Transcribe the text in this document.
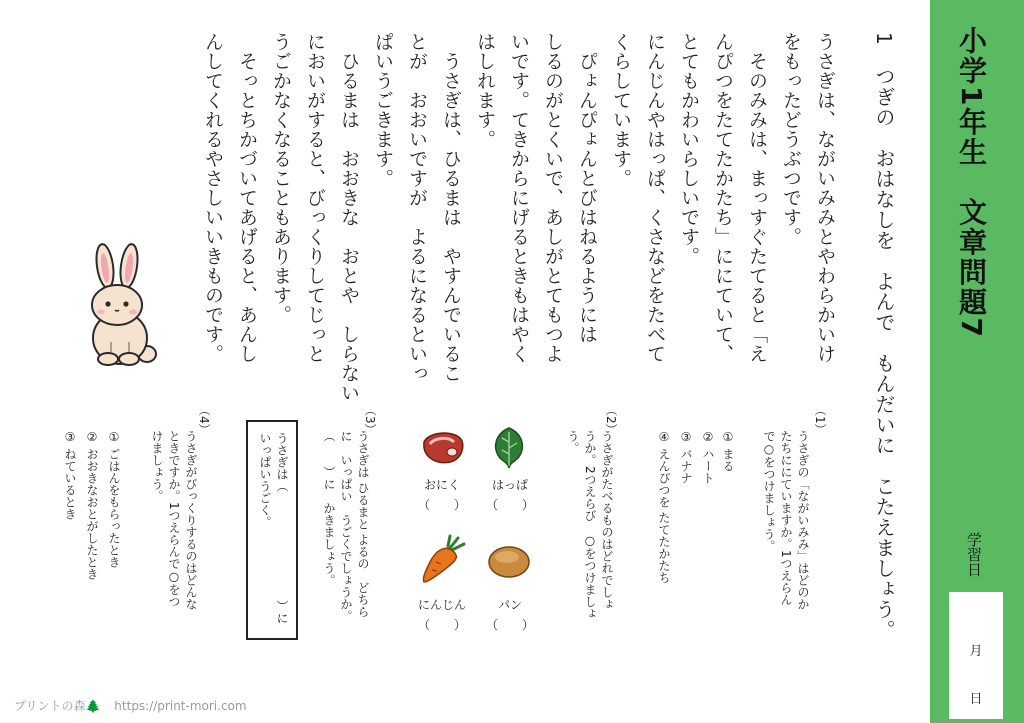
小学1年生　文章問題7
学習日
月
日
1　つぎの　おはなしを　よんで　もんだいに　こたえましょう。

うさぎは、ながいみみとやわらかいけ

をもったどうぶつです。

　そのみみは、まっすぐたてると「え

んぴつをたてたかたち」ににていて、

とてもかわいらしいです。

にんじんやはっぱ、くさなどをたべて

くらしています。

　ぴょんぴょんとびはねるようには

しるのがとくいで、あしがとてもつよ

いです。てきからにげるときもはやく

はしれます。

　うさぎは、ひるまは　やすんでいるこ

とが　おおいですが　よるになるといっ

ぱいうごきます。

　ひるまは　おおきな　おとや　しらない

においがすると、びっくりしてじっと

うごかなくなることもあります。

　そっとちかづいてあげると、あんし

んしてくれるやさしいいきものです。

（1）

うさぎの「ながいみみ」はどのか

たちににていますか。1つえらん

で○をつけましょう。

① まる

② ハート

③ バナナ

④ えんぴつを たてたかたち

（2）

うさぎがたべるものはどれでしょ

うか。2つえらび　○をつけましょ

う。

はっぱ
（　　）
おにく
（　　）
パン
（　　）
にんじん
（　　）
（3）

うさぎは ひるまと よるの　どちら

に　いっぱい　うごくでしょうか。

（　　）に　かきましょう。

うさぎは（　　　　　　　　　）に

いっぱいうごく。

（4）

うさぎがびっくりするのはどんな

ときですか。1つえらんで○をつ

けましょう。

① ごはんをもらったとき

② おおきなおとがしたとき

③ ねているとき

プリントの森🌲 https://print-mori.com
